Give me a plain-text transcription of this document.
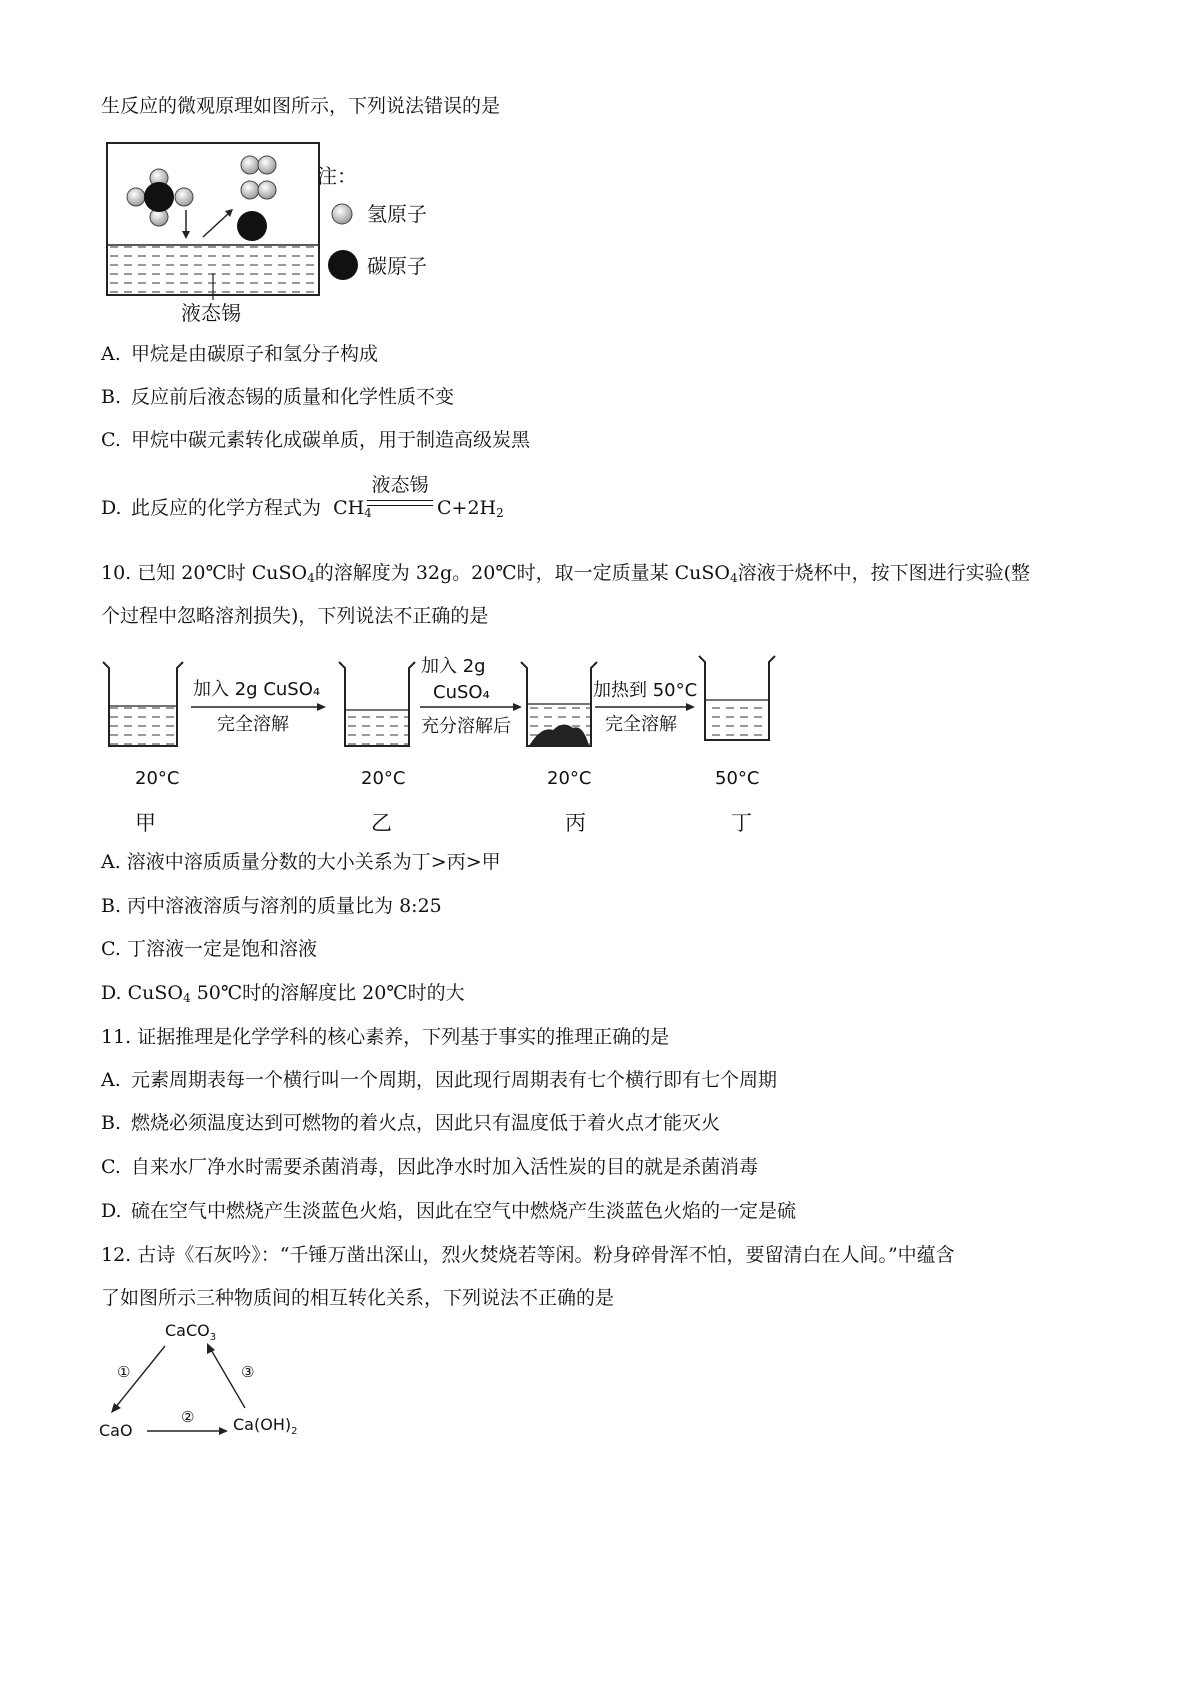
生反应的微观原理如图所示，下列说法错误的是
液态锡
注：
氢原子
碳原子
A. 甲烷是由碳原子和氢分子构成
B. 反应前后液态锡的质量和化学性质不变
C. 甲烷中碳元素转化成碳单质，用于制造高级炭黑
D. 此反应的化学方程式为 $CH_4$
液态锡
$C+2H_2$
10. 已知 20℃时 CuSO$_4$的溶解度为 32g。20℃时，取一定质量某 CuSO$_4$溶液于烧杯中，按下图进行实验(整
个过程中忽略溶剂损失)，下列说法不正确的是
加入 2g CuSO₄
完全溶解
加入 2g
CuSO₄
充分溶解后
加热到 50°C
完全溶解
20°C	20°C	20°C	50°C
甲	乙	丙	丁
A. 溶液中溶质质量分数的大小关系为丁>丙>甲
B. 丙中溶液溶质与溶剂的质量比为 8:25
C. 丁溶液一定是饱和溶液
D. CuSO$_4$ 50℃时的溶解度比 20℃时的大
11. 证据推理是化学学科的核心素养，下列基于事实的推理正确的是
A. 元素周期表每一个横行叫一个周期，因此现行周期表有七个横行即有七个周期
B. 燃烧必须温度达到可燃物的着火点，因此只有温度低于着火点才能灭火
C. 自来水厂净水时需要杀菌消毒，因此净水时加入活性炭的目的就是杀菌消毒
D. 硫在空气中燃烧产生淡蓝色火焰，因此在空气中燃烧产生淡蓝色火焰的一定是硫
12. 古诗《石灰吟》：“千锤万凿出深山，烈火焚烧若等闲。粉身碎骨浑不怕，要留清白在人间。”中蕴含
了如图所示三种物质间的相互转化关系，下列说法不正确的是
CaCO$_3$
①	③
②
CaO	$Ca(OH)_2$
